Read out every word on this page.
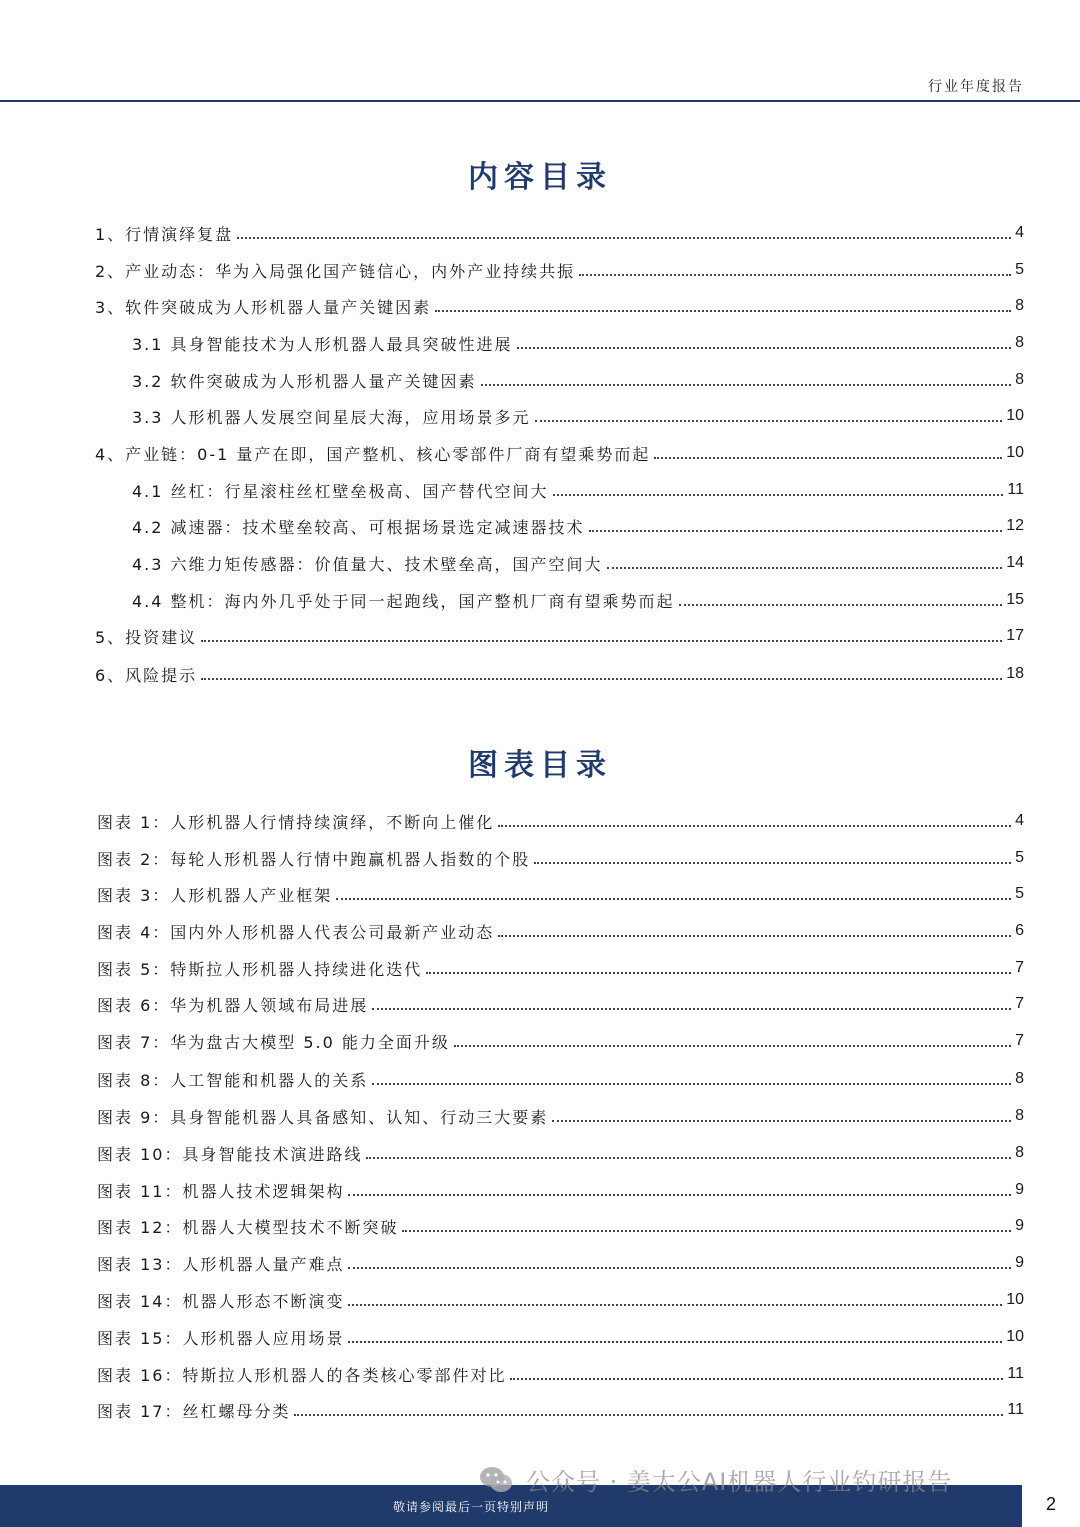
行业年度报告
内容目录
1、行情演绎复盘	4
2、产业动态：华为入局强化国产链信心，内外产业持续共振	5
3、软件突破成为人形机器人量产关键因素	8
3.1 具身智能技术为人形机器人最具突破性进展	8
3.2 软件突破成为人形机器人量产关键因素	8
3.3 人形机器人发展空间星辰大海，应用场景多元	10
4、产业链：0-1 量产在即，国产整机、核心零部件厂商有望乘势而起	10
4.1 丝杠：行星滚柱丝杠壁垒极高、国产替代空间大	11
4.2 减速器：技术壁垒较高、可根据场景选定减速器技术	12
4.3 六维力矩传感器：价值量大、技术壁垒高，国产空间大	14
4.4 整机：海内外几乎处于同一起跑线，国产整机厂商有望乘势而起	15
5、投资建议	17
6、风险提示	18
图表目录
图表 1：人形机器人行情持续演绎，不断向上催化	4
图表 2：每轮人形机器人行情中跑赢机器人指数的个股	5
图表 3：人形机器人产业框架	5
图表 4：国内外人形机器人代表公司最新产业动态	6
图表 5：特斯拉人形机器人持续进化迭代	7
图表 6：华为机器人领域布局进展	7
图表 7：华为盘古大模型 5.0 能力全面升级	7
图表 8：人工智能和机器人的关系	8
图表 9：具身智能机器人具备感知、认知、行动三大要素	8
图表 10：具身智能技术演进路线	8
图表 11：机器人技术逻辑架构	9
图表 12：机器人大模型技术不断突破	9
图表 13：人形机器人量产难点	9
图表 14：机器人形态不断演变	10
图表 15：人形机器人应用场景	10
图表 16：特斯拉人形机器人的各类核心零部件对比	11
图表 17：丝杠螺母分类	11
敬请参阅最后一页特别声明	2
公众号 · 姜太公AI机器人行业钓研报告
